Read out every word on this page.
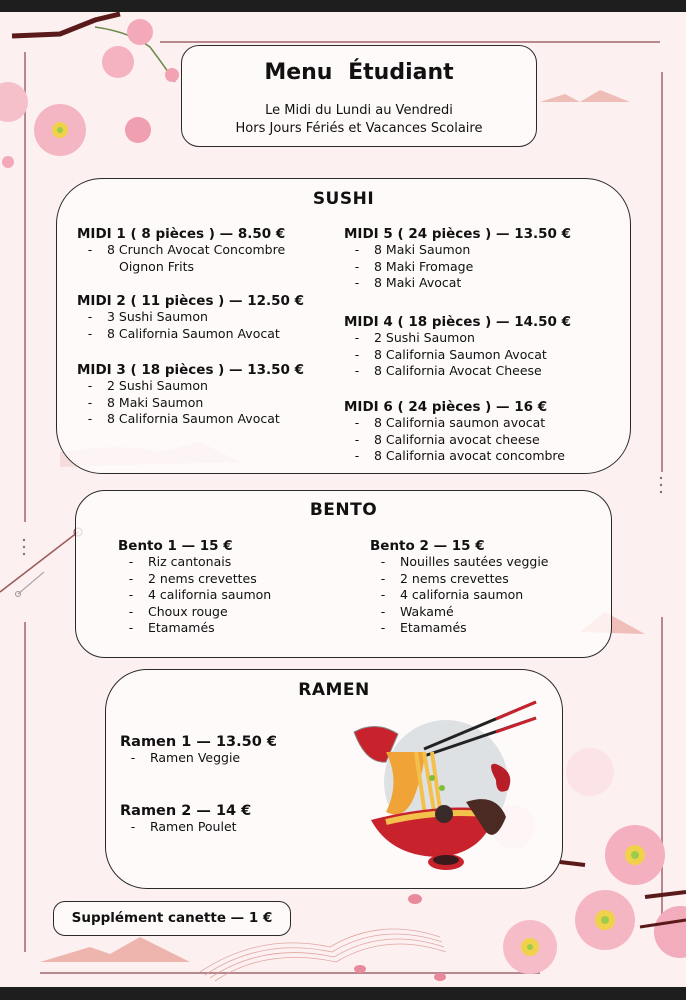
Menu Étudiant
Le Midi du Lundi au Vendredi
Hors Jours Fériés et Vacances Scolaire
SUSHI
MIDI 1 ( 8 pièces ) — 8.50 €
- 8 Crunch Avocat Concombre
Oignon Frits
MIDI 2 ( 11 pièces ) — 12.50 €
- 3 Sushi Saumon
- 8 California Saumon Avocat
MIDI 3 ( 18 pièces ) — 13.50 €
- 2 Sushi Saumon
- 8 Maki Saumon
- 8 California Saumon Avocat
MIDI 5 ( 24 pièces ) — 13.50 €
- 8 Maki Saumon
- 8 Maki Fromage
- 8 Maki Avocat
MIDI 4 ( 18 pièces ) — 14.50 €
- 2 Sushi Saumon
- 8 California Saumon Avocat
- 8 California Avocat Cheese
MIDI 6 ( 24 pièces ) — 16 €
- 8 California saumon avocat
- 8 California avocat cheese
- 8 California avocat concombre
BENTO
Bento 1 — 15 €
- Riz cantonais
- 2 nems crevettes
- 4 california saumon
- Choux rouge
- Etamamés
Bento 2 — 15 €
- Nouilles sautées veggie
- 2 nems crevettes
- 4 california saumon
- Wakamé
- Etamamés
RAMEN
Ramen 1 — 13.50 €
- Ramen Veggie
Ramen 2 — 14 €
- Ramen Poulet
Supplément canette — 1 €
